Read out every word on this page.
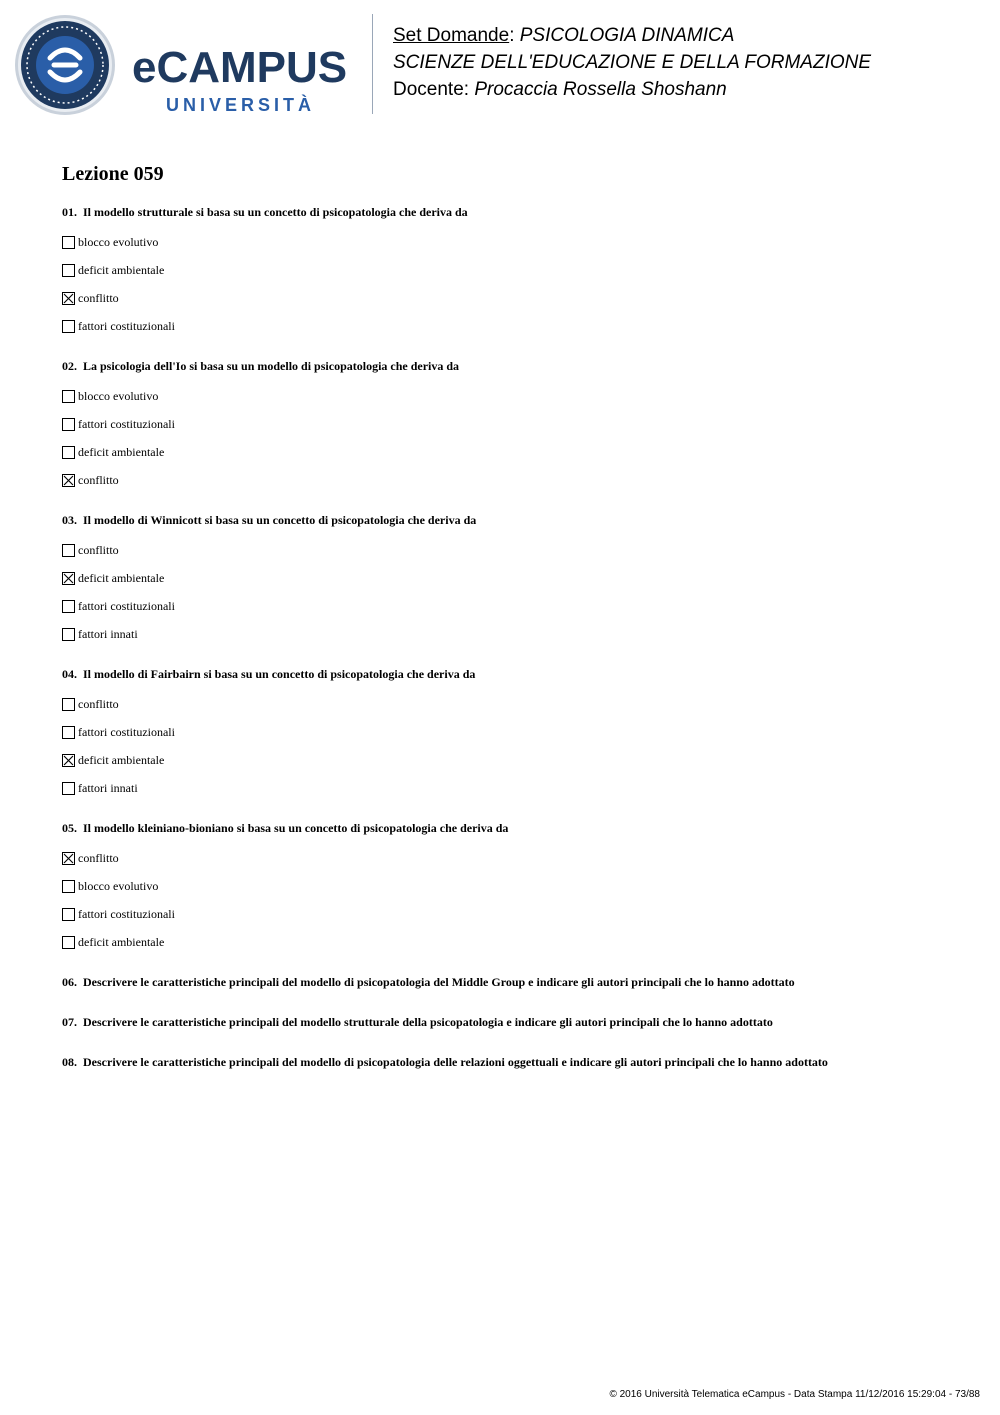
eCAMPUS
UNIVERSITÀ
Set Domande: PSICOLOGIA DINAMICA
SCIENZE DELL'EDUCAZIONE E DELLA FORMAZIONE
Docente: Procaccia Rossella Shoshann
Lezione 059
01. Il modello strutturale si basa su un concetto di psicopatologia che deriva da
blocco evolutivo
deficit ambientale
conflitto
fattori costituzionali
02. La psicologia dell'Io si basa su un modello di psicopatologia che deriva da
blocco evolutivo
fattori costituzionali
deficit ambientale
conflitto
03. Il modello di Winnicott si basa su un concetto di psicopatologia che deriva da
conflitto
deficit ambientale
fattori costituzionali
fattori innati
04. Il modello di Fairbairn si basa su un concetto di psicopatologia che deriva da
conflitto
fattori costituzionali
deficit ambientale
fattori innati
05. Il modello kleiniano-bioniano si basa su un concetto di psicopatologia che deriva da
conflitto
blocco evolutivo
fattori costituzionali
deficit ambientale
06. Descrivere le caratteristiche principali del modello di psicopatologia del Middle Group e indicare gli autori principali che lo hanno adottato
07. Descrivere le caratteristiche principali del modello strutturale della psicopatologia e indicare gli autori principali che lo hanno adottato
08. Descrivere le caratteristiche principali del modello di psicopatologia delle relazioni oggettuali e indicare gli autori principali che lo hanno adottato
© 2016 Università Telematica eCampus - Data Stampa 11/12/2016 15:29:04 - 73/88
